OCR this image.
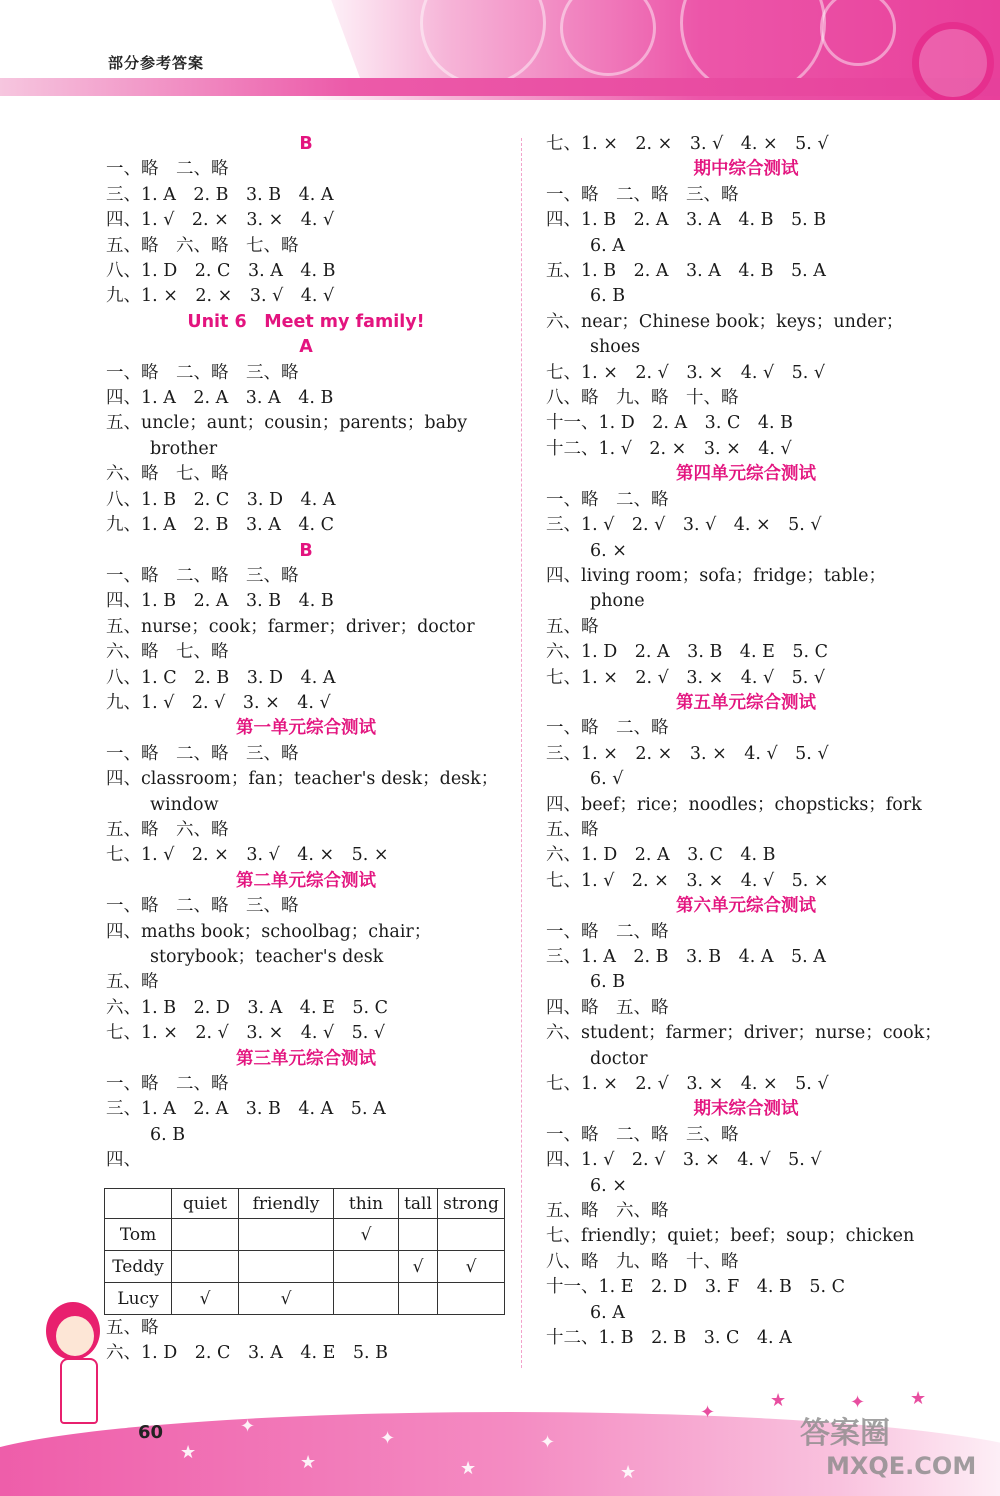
部分参考答案
B
一、略　二、略
三、1. A　2. B　3. B　4. A
四、1. √　2. ×　3. ×　4. √
五、略　六、略　七、略
八、1. D　2. C　3. A　4. B
九、1. ×　2. ×　3. √　4. √
Unit 6　Meet my family!
A
一、略　二、略　三、略
四、1. A　2. A　3. A　4. B
五、uncle；aunt；cousin；parents；baby
brother
六、略　七、略
八、1. B　2. C　3. D　4. A
九、1. A　2. B　3. A　4. C
B
一、略　二、略　三、略
四、1. B　2. A　3. B　4. B
五、nurse；cook；farmer；driver；doctor
六、略　七、略
八、1. C　2. B　3. D　4. A
九、1. √　2. √　3. ×　4. √
第一单元综合测试
一、略　二、略　三、略
四、classroom；fan；teacher's desk；desk；
window
五、略　六、略
七、1. √　2. ×　3. √　4. ×　5. ×
第二单元综合测试
一、略　二、略　三、略
四、maths book；schoolbag；chair；
storybook；teacher's desk
五、略
六、1. B　2. D　3. A　4. E　5. C
七、1. ×　2. √　3. ×　4. √　5. √
第三单元综合测试
一、略　二、略
三、1. A　2. A　3. B　4. A　5. A
6. B
四、
	quiet	friendly	thin	tall	strong
Tom			√		
Teddy				√	√
Lucy	√	√			
五、略
六、1. D　2. C　3. A　4. E　5. B
七、1. ×　2. ×　3. √　4. ×　5. √
期中综合测试
一、略　二、略　三、略
四、1. B　2. A　3. A　4. B　5. B
6. A
五、1. B　2. A　3. A　4. B　5. A
6. B
六、near；Chinese book；keys；under；
shoes
七、1. ×　2. √　3. ×　4. √　5. √
八、略　九、略　十、略
十一、1. D　2. A　3. C　4. B
十二、1. √　2. ×　3. ×　4. √
第四单元综合测试
一、略　二、略
三、1. √　2. √　3. √　4. ×　5. √
6. ×
四、living room；sofa；fridge；table；
phone
五、略
六、1. D　2. A　3. B　4. E　5. C
七、1. ×　2. √　3. ×　4. √　5. √
第五单元综合测试
一、略　二、略
三、1. ×　2. ×　3. ×　4. √　5. √
6. √
四、beef；rice；noodles；chopsticks；fork
五、略
六、1. D　2. A　3. C　4. B
七、1. √　2. ×　3. ×　4. √　5. ×
第六单元综合测试
一、略　二、略
三、1. A　2. B　3. B　4. A　5. A
6. B
四、略　五、略
六、student；farmer；driver；nurse；cook；
doctor
七、1. ×　2. √　3. ×　4. ×　5. √
期末综合测试
一、略　二、略　三、略
四、1. √　2. √　3. ×　4. √　5. √
6. ×
五、略　六、略
七、friendly；quiet；beef；soup；chicken
八、略　九、略　十、略
十一、1. E　2. D　3. F　4. B　5. C
6. A
十二、1. B　2. B　3. C　4. A
★
✦
★
✦
★
✦
★
✦
★	✦ ★
60	答案圈
MXQE.COM
